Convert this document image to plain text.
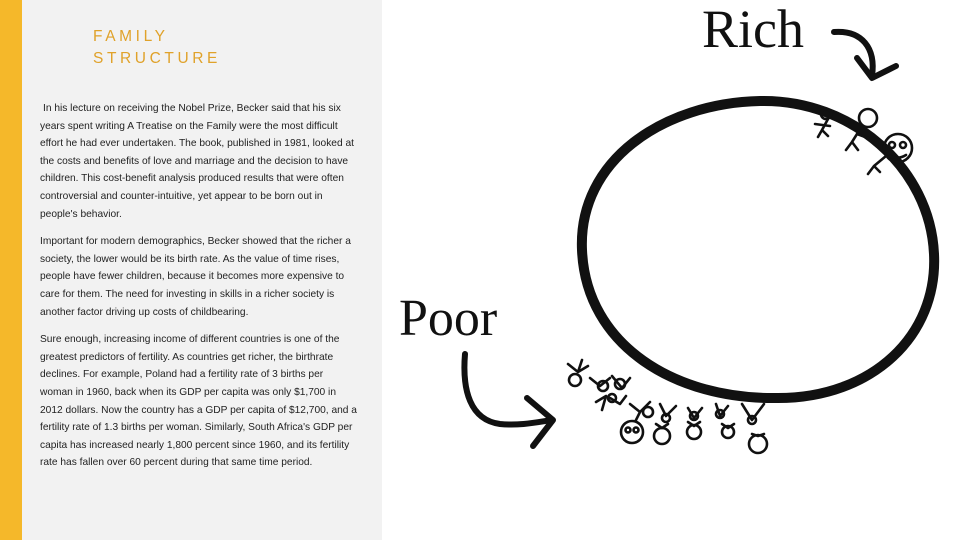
FAMILY
STRUCTURE

In his lecture on receiving the Nobel Prize, Becker said that his six years spent writing A Treatise on the Family were the most difficult effort he had ever undertaken. The book, published in 1981, looked at the costs and benefits of love and marriage and the decision to have children. This cost-benefit analysis produced results that were often controversial and counter-intuitive, yet appear to be born out in people's behavior.

Important for modern demographics, Becker showed that the richer a society, the lower would be its birth rate. As the value of time rises, people have fewer children, because it becomes more expensive to care for them. The need for investing in skills in a richer society is another factor driving up costs of childbearing.

Sure enough, increasing income of different countries is one of the greatest predictors of fertility. As countries get richer, the birthrate declines. For example, Poland had a fertility rate of 3 births per woman in 1960, back when its GDP per capita was only $1,700 in 2012 dollars. Now the country has a GDP per capita of $12,700, and a fertility rate of 1.3 births per woman. Similarly, South Africa's GDP per capita has increased nearly 1,800 percent since 1960, and its fertility rate has fallen over 60 percent during that same time period.

Rich
Poor
